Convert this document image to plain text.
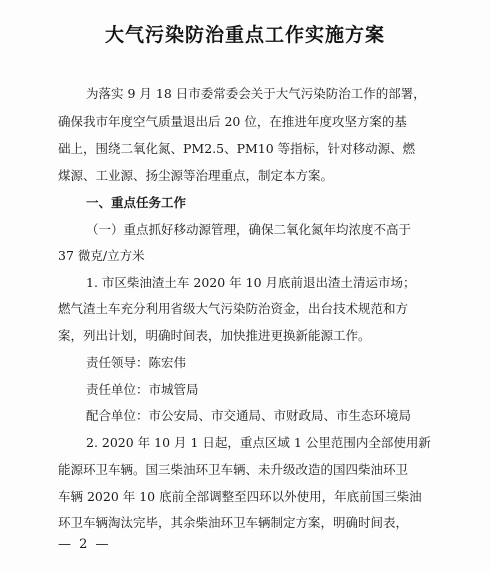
大气污染防治重点工作实施方案
为落实 9 月 18 日市委常委会关于大气污染防治工作的部署，
确保我市年度空气质量退出后 20 位，在推进年度攻坚方案的基
础上，围绕二氧化氮、PM2.5、PM10 等指标，针对移动源、燃
煤源、工业源、扬尘源等治理重点，制定本方案。
一、重点任务工作
（一）重点抓好移动源管理，确保二氧化氮年均浓度不高于
37 微克/立方米
1. 市区柴油渣土车 2020 年 10 月底前退出渣土清运市场；
燃气渣土车充分利用省级大气污染防治资金，出台技术规范和方
案，列出计划，明确时间表，加快推进更换新能源工作。
责任领导：陈宏伟
责任单位：市城管局
配合单位：市公安局、市交通局、市财政局、市生态环境局
2. 2020 年 10 月 1 日起，重点区域 1 公里范围内全部使用新
能源环卫车辆。国三柴油环卫车辆、未升级改造的国四柴油环卫
车辆 2020 年 10 底前全部调整至四环以外使用，年底前国三柴油
环卫车辆淘汰完毕，其余柴油环卫车辆制定方案，明确时间表，
— 2 —
